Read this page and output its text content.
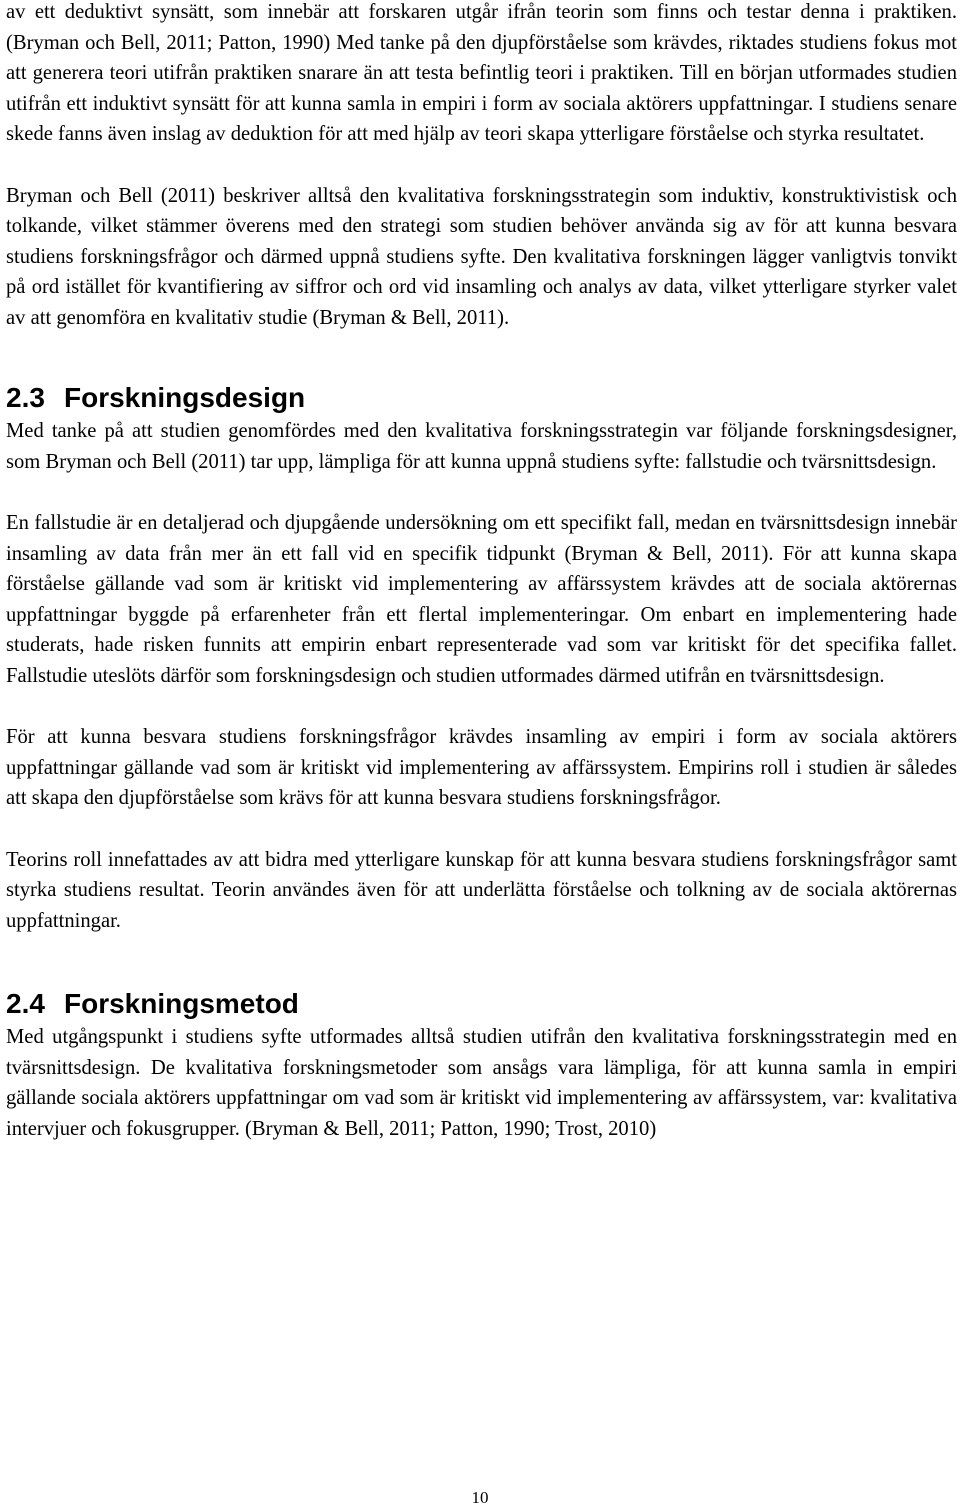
av ett deduktivt synsätt, som innebär att forskaren utgår ifrån teorin som finns och testar denna i praktiken. (Bryman och Bell, 2011; Patton, 1990) Med tanke på den djupförståelse som krävdes, riktades studiens fokus mot att generera teori utifrån praktiken snarare än att testa befintlig teori i praktiken. Till en början utformades studien utifrån ett induktivt synsätt för att kunna samla in empiri i form av sociala aktörers uppfattningar. I studiens senare skede fanns även inslag av deduktion för att med hjälp av teori skapa ytterligare förståelse och styrka resultatet.

Bryman och Bell (2011) beskriver alltså den kvalitativa forskningsstrategin som induktiv, konstruktivistisk och tolkande, vilket stämmer överens med den strategi som studien behöver använda sig av för att kunna besvara studiens forskningsfrågor och därmed uppnå studiens syfte. Den kvalitativa forskningen lägger vanligtvis tonvikt på ord istället för kvantifiering av siffror och ord vid insamling och analys av data, vilket ytterligare styrker valet av att genomföra en kvalitativ studie (Bryman & Bell, 2011).

2.3 Forskningsdesign

Med tanke på att studien genomfördes med den kvalitativa forskningsstrategin var följande forskningsdesigner, som Bryman och Bell (2011) tar upp, lämpliga för att kunna uppnå studiens syfte: fallstudie och tvärsnittsdesign.

En fallstudie är en detaljerad och djupgående undersökning om ett specifikt fall, medan en tvärsnittsdesign innebär insamling av data från mer än ett fall vid en specifik tidpunkt (Bryman & Bell, 2011). För att kunna skapa förståelse gällande vad som är kritiskt vid implementering av affärssystem krävdes att de sociala aktörernas uppfattningar byggde på erfarenheter från ett flertal implementeringar. Om enbart en implementering hade studerats, hade risken funnits att empirin enbart representerade vad som var kritiskt för det specifika fallet. Fallstudie uteslöts därför som forskningsdesign och studien utformades därmed utifrån en tvärsnittsdesign.

För att kunna besvara studiens forskningsfrågor krävdes insamling av empiri i form av sociala aktörers uppfattningar gällande vad som är kritiskt vid implementering av affärssystem. Empirins roll i studien är således att skapa den djupförståelse som krävs för att kunna besvara studiens forskningsfrågor.

Teorins roll innefattades av att bidra med ytterligare kunskap för att kunna besvara studiens forskningsfrågor samt styrka studiens resultat. Teorin användes även för att underlätta förståelse och tolkning av de sociala aktörernas uppfattningar.

2.4 Forskningsmetod

Med utgångspunkt i studiens syfte utformades alltså studien utifrån den kvalitativa forskningsstrategin med en tvärsnittsdesign. De kvalitativa forskningsmetoder som ansågs vara lämpliga, för att kunna samla in empiri gällande sociala aktörers uppfattningar om vad som är kritiskt vid implementering av affärssystem, var: kvalitativa intervjuer och fokusgrupper. (Bryman & Bell, 2011; Patton, 1990; Trost, 2010)

10
